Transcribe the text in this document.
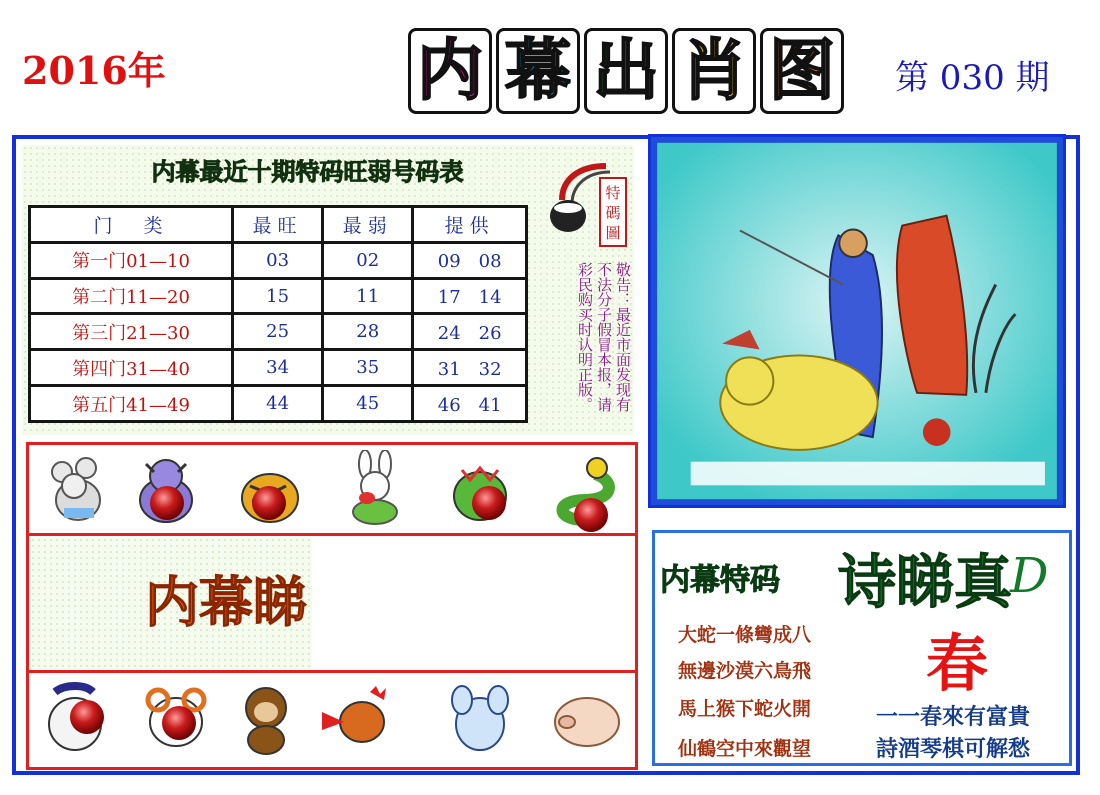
2016年	内 幕 出 肖 图 第 030 期
内幕最近十期特码旺弱号码表
门　类	最旺	最弱	提供
第一门01—10	03	02	09　08
第二门11—20	15	11	17　14
第三门21—30	25	28	24　26
第四门31—40	34	35	31　32
第五门41—49	44	45	46　41
特
碼
圖
敬告：最近市面发现有不法分子假冒本报，请彩民购买时认明正版。
内幕睇	内幕特码 诗睇真
D
春
大蛇一條彎成八
無邊沙漠六鳥飛
馬上猴下蛇火開
仙鶴空中來觀望
一一春來有富貴
詩酒琴棋可解愁
